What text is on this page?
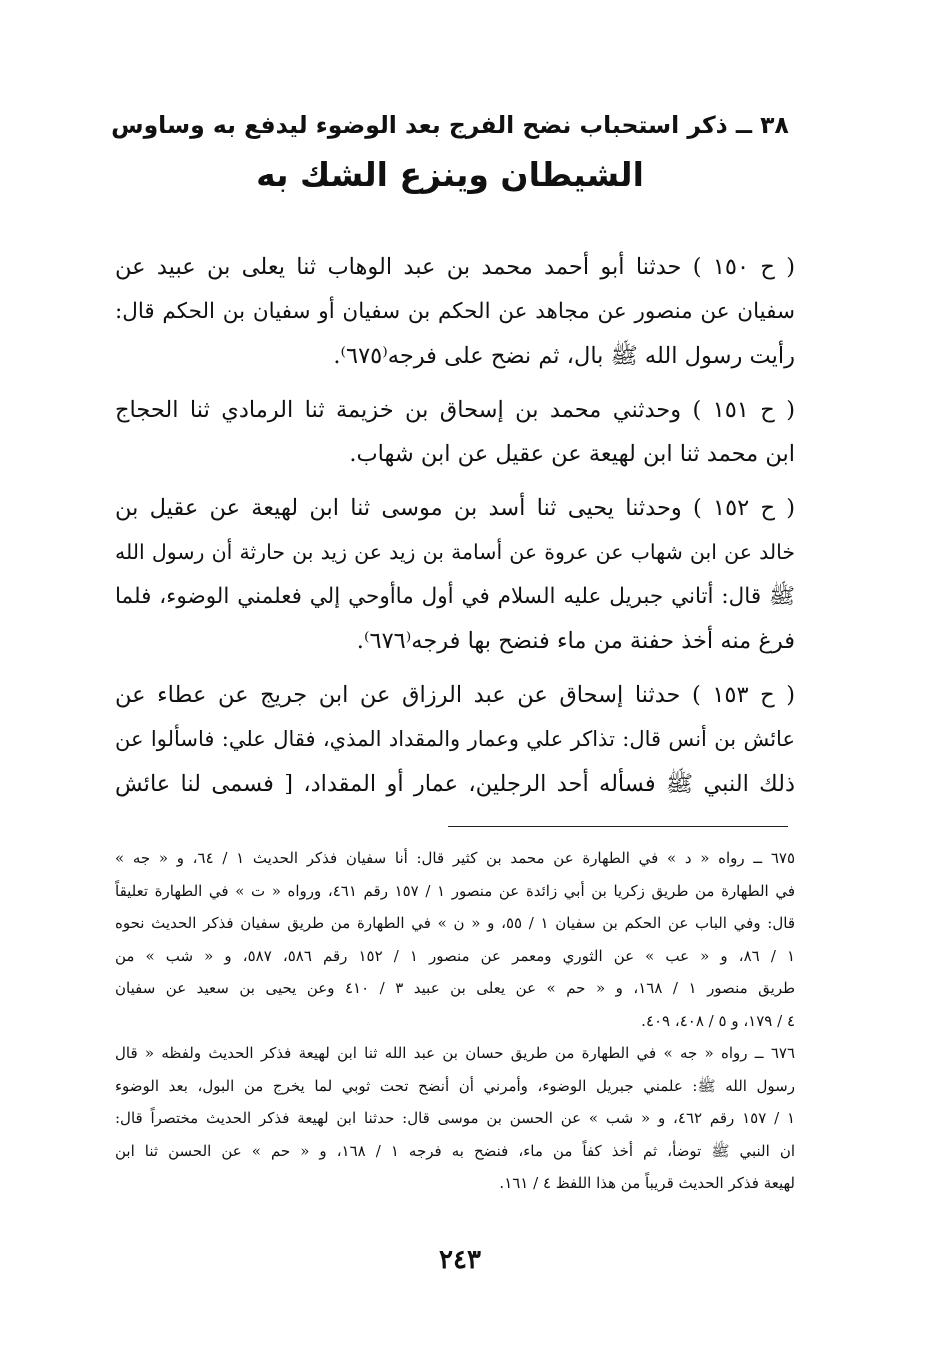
٣٨ ــ ذكر استحباب نضح الفرج بعد الوضوء ليدفع به وساوس
الشيطان وينزع الشك به
( ح ١٥٠ ) حدثنا أبو أحمد محمد بن عبد الوهاب ثنا يعلى بن عبيد عن
سفيان عن منصور عن مجاهد عن الحكم بن سفيان أو سفيان بن الحكم قال:
رأيت رسول الله ﷺ بال، ثم نضح على فرجه⁽٦٧٥⁾.
( ح ١٥١ ) وحدثني محمد بن إسحاق بن خزيمة ثنا الرمادي ثنا الحجاج
ابن محمد ثنا ابن لهيعة عن عقيل عن ابن شهاب.
( ح ١٥٢ ) وحدثنا يحيى ثنا أسد بن موسى ثنا ابن لهيعة عن عقيل بن
خالد عن ابن شهاب عن عروة عن أسامة بن زيد عن زيد بن حارثة أن رسول الله
ﷺ قال: أتاني جبريل عليه السلام في أول ماأوحي إلي فعلمني الوضوء، فلما
فرغ منه أخذ حفنة من ماء فنضح بها فرجه⁽٦٧٦⁾.
( ح ١٥٣ ) حدثنا إسحاق عن عبد الرزاق عن ابن جريج عن عطاء عن
عائش بن أنس قال: تذاكر علي وعمار والمقداد المذي، فقال علي: فاسألوا عن
ذلك النبي ﷺ فسأله أحد الرجلين، عمار أو المقداد، [ فسمى لنا عائش
٦٧٥ ــ رواه « د » في الطهارة عن محمد بن كثير قال: أنا سفيان فذكر الحديث ١ / ٦٤، و « جه »
في الطهارة من طريق زكريا بن أبي زائدة عن منصور ١ / ١٥٧ رقم ٤٦١، ورواه « ت » في الطهارة تعليقاً
قال: وفي الباب عن الحكم بن سفيان ١ / ٥٥، و « ن » في الطهارة من طريق سفيان فذكر الحديث نحوه
١ / ٨٦، و « عب » عن الثوري ومعمر عن منصور ١ / ١٥٢ رقم ٥٨٦، ٥٨٧، و « شب » من
طريق منصور ١ / ١٦٨، و « حم » عن يعلى بن عبيد ٣ / ٤١٠ وعن يحيى بن سعيد عن سفيان
٤ / ١٧٩، و ٥ / ٤٠٨، ٤٠٩.
٦٧٦ ــ رواه « جه » في الطهارة من طريق حسان بن عبد الله ثنا ابن لهيعة فذكر الحديث ولفظه « قال
رسول الله ﷺ: علمني جبريل الوضوء، وأمرني أن أنضح تحت ثوبي لما يخرج من البول، بعد الوضوء
١ / ١٥٧ رقم ٤٦٢، و « شب » عن الحسن بن موسى قال: حدثنا ابن لهيعة فذكر الحديث مختصراً قال:
ان النبي ﷺ توضأ، ثم أخذ كفاً من ماء، فنضح به فرجه ١ / ١٦٨، و « حم » عن الحسن ثنا ابن
لهيعة فذكر الحديث قريباً من هذا اللفظ ٤ / ١٦١.
٢٤٣
